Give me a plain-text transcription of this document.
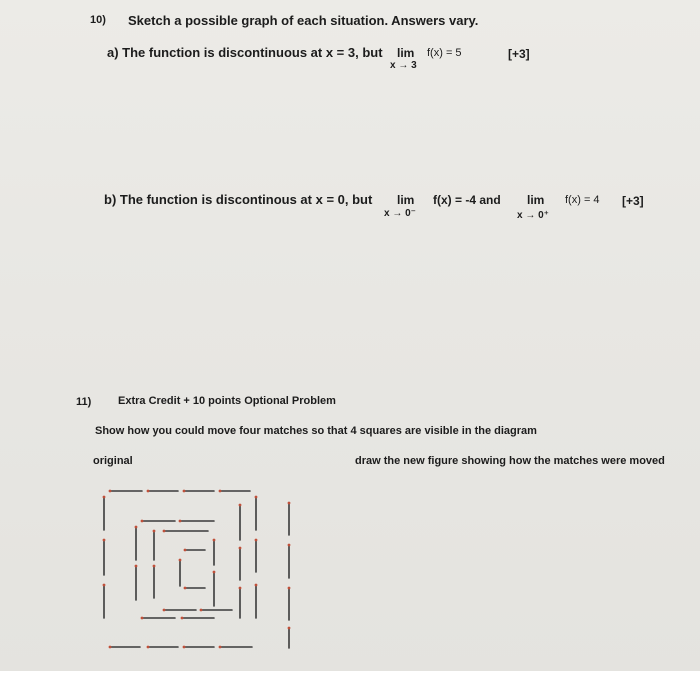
10) Sketch a possible graph of each situation. Answers vary.
a) The function is discontinuous at x = 3, but lim f(x) = 5
x → 3
[+3]
b) The function is discontinous at x = 0, but lim f(x) = -4 and
x → 0⁻
lim f(x) = 4
x → 0⁺
[+3]
11) Extra Credit + 10 points Optional Problem
Show how you could move four matches so that 4 squares are visible in the diagram
original	draw the new figure showing how the matches were moved
